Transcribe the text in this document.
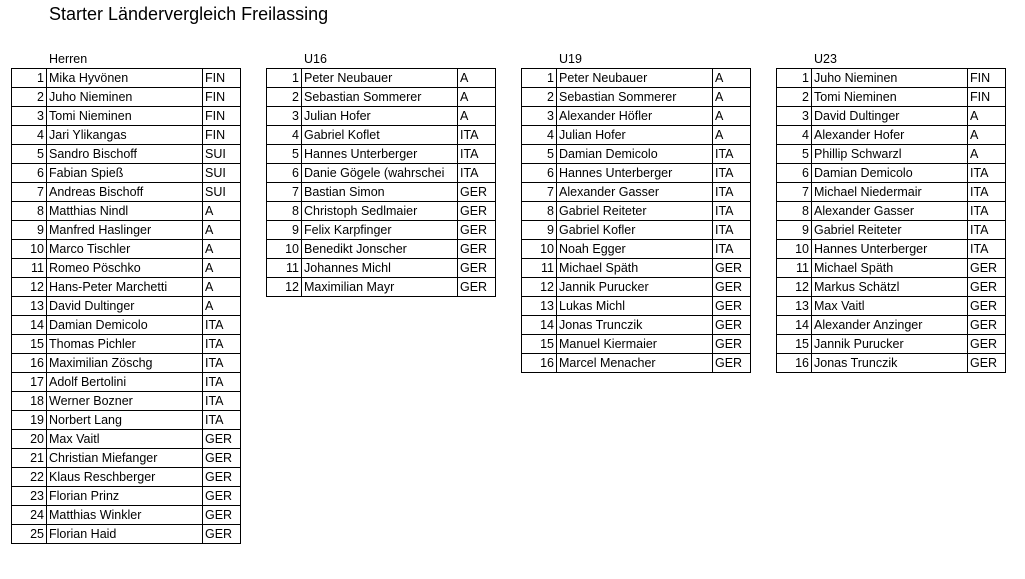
Starter Ländervergleich Freilassing
Herren
1	Mika Hyvönen	FIN
2	Juho Nieminen	FIN
3	Tomi Nieminen	FIN
4	Jari Ylikangas	FIN
5	Sandro Bischoff	SUI
6	Fabian Spieß	SUI
7	Andreas Bischoff	SUI
8	Matthias Nindl	A
9	Manfred Haslinger	A
10	Marco Tischler	A
11	Romeo Pöschko	A
12	Hans-Peter Marchetti	A
13	David Dultinger	A
14	Damian Demicolo	ITA
15	Thomas Pichler	ITA
16	Maximilian Zöschg	ITA
17	Adolf Bertolini	ITA
18	Werner Bozner	ITA
19	Norbert Lang	ITA
20	Max Vaitl	GER
21	Christian Miefanger	GER
22	Klaus Reschberger	GER
23	Florian Prinz	GER
24	Matthias Winkler	GER
25	Florian Haid	GER
U16
1	Peter Neubauer	A
2	Sebastian Sommerer	A
3	Julian Hofer	A
4	Gabriel Koflet	ITA
5	Hannes Unterberger	ITA
6	Danie Gögele (wahrschei	ITA
7	Bastian Simon	GER
8	Christoph Sedlmaier	GER
9	Felix Karpfinger	GER
10	Benedikt Jonscher	GER
11	Johannes Michl	GER
12	Maximilian Mayr	GER
U19
1	Peter Neubauer	A
2	Sebastian Sommerer	A
3	Alexander Höfler	A
4	Julian Hofer	A
5	Damian Demicolo	ITA
6	Hannes Unterberger	ITA
7	Alexander Gasser	ITA
8	Gabriel Reiteter	ITA
9	Gabriel Kofler	ITA
10	Noah Egger	ITA
11	Michael Späth	GER
12	Jannik Purucker	GER
13	Lukas Michl	GER
14	Jonas Trunczik	GER
15	Manuel Kiermaier	GER
16	Marcel Menacher	GER
U23
1	Juho Nieminen	FIN
2	Tomi Nieminen	FIN
3	David Dultinger	A
4	Alexander Hofer	A
5	Phillip Schwarzl	A
6	Damian Demicolo	ITA
7	Michael Niedermair	ITA
8	Alexander Gasser	ITA
9	Gabriel Reiteter	ITA
10	Hannes Unterberger	ITA
11	Michael Späth	GER
12	Markus Schätzl	GER
13	Max Vaitl	GER
14	Alexander Anzinger	GER
15	Jannik Purucker	GER
16	Jonas Trunczik	GER
